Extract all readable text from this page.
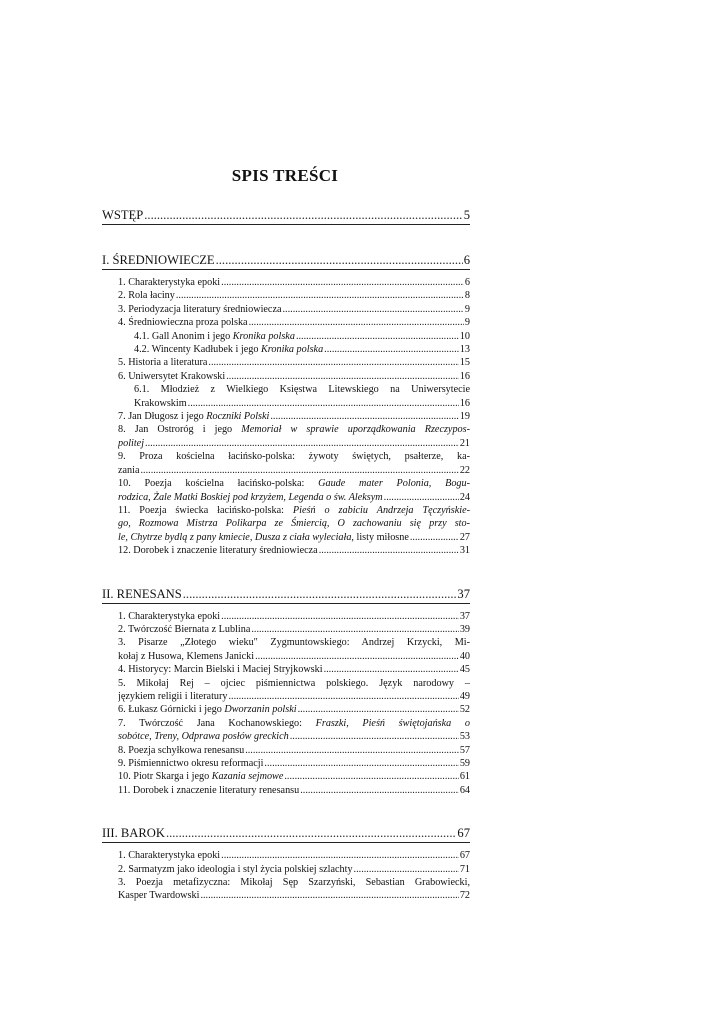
SPIS TREŚCI
WSTĘP .....	5
I. ŚREDNIOWIECZE .....	6
1. Charakterystyka epoki .....	6
2. Rola łaciny .....	8
3. Periodyzacja literatury średniowiecza .....	9
4. Średniowieczna proza polska .....	9
4.1. Gall Anonim i jego Kronika polska .....	10
4.2. Wincenty Kadłubek i jego Kronika polska .....	13
5. Historia a literatura .....	15
6. Uniwersytet Krakowski .....	16
6.1. Młodzież z Wielkiego Księstwa Litewskiego na Uniwersytecie
Krakowskim .....	16
7. Jan Długosz i jego Roczniki Polski .....	19
8. Jan Ostroróg i jego Memoriał w sprawie uporządkowania Rzeczypos-
politej .....	21
9. Proza kościelna łacińsko-polska: żywoty świętych, psałterze, ka-
zania .....	22
10. Poezja kościelna łacińsko-polska: Gaude mater Polonia, Bogu-
rodzica, Żale Matki Boskiej pod krzyżem, Legenda o św. Aleksym .....	24
11. Poezja świecka łacińsko-polska: Pieśń o zabiciu Andrzeja Tęczyńskie-
go, Rozmowa Mistrza Polikarpa ze Śmiercią, O zachowaniu się przy sto-
le, Chytrze bydlą z pany kmiecie, Dusza z ciała wyleciała, listy miłosne .....	27
12. Dorobek i znaczenie literatury średniowiecza .....	31
II. RENESANS .....	37
1. Charakterystyka epoki .....	37
2. Twórczość Biernata z Lublina .....	39
3. Pisarze „Złotego wieku" Zygmuntowskiego: Andrzej Krzycki, Mi-
kołaj z Husowa, Klemens Janicki .....	40
4. Historycy: Marcin Bielski i Maciej Stryjkowski .....	45
5. Mikołaj Rej – ojciec piśmiennictwa polskiego. Język narodowy –
językiem religii i literatury .....	49
6. Łukasz Górnicki i jego Dworzanin polski .....	52
7. Twórczość Jana Kochanowskiego: Fraszki, Pieśń świętojańska o
sobótce, Treny, Odprawa posłów greckich .....	53
8. Poezja schyłkowa renesansu .....	57
9. Piśmiennictwo okresu reformacji .....	59
10. Piotr Skarga i jego Kazania sejmowe .....	61
11. Dorobek i znaczenie literatury renesansu .....	64
III. BAROK .....	67
1. Charakterystyka epoki .....	67
2. Sarmatyzm jako ideologia i styl życia polskiej szlachty .....	71
3. Poezja metafizyczna: Mikołaj Sęp Szarzyński, Sebastian Grabowiecki,
Kasper Twardowski .....	72
